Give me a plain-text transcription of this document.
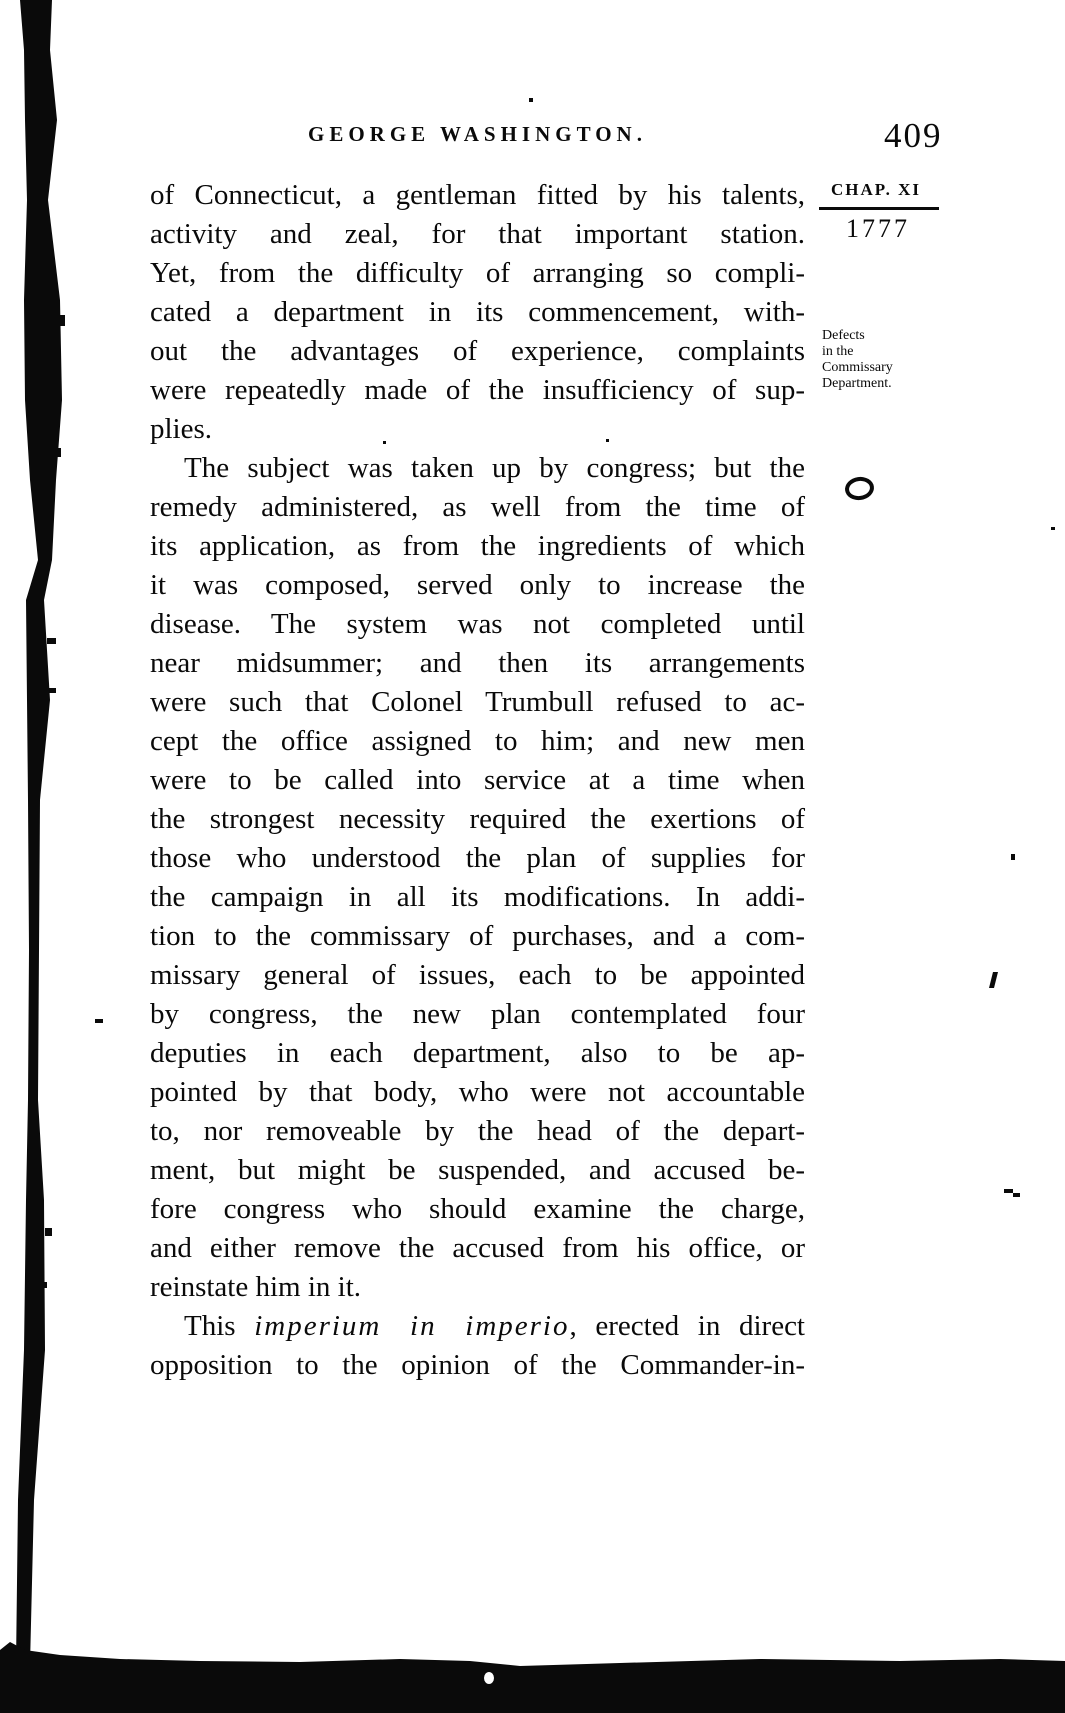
GEORGE WASHINGTON.	409
CHAP. XI
1777
Defects
in the
Commissary
Department.
of Connecticut, a gentleman fitted by his talents,
activity and zeal, for that important station.
Yet, from the difficulty of arranging so compli-
cated a department in its commencement, with-
out the advantages of experience, complaints
were repeatedly made of the insufficiency of sup-
plies.
The subject was taken up by congress; but the
remedy administered, as well from the time of
its application, as from the ingredients of which
it was composed, served only to increase the
disease. The system was not completed until
near midsummer; and then its arrangements
were such that Colonel Trumbull refused to ac-
cept the office assigned to him; and new men
were to be called into service at a time when
the strongest necessity required the exertions of
those who understood the plan of supplies for
the campaign in all its modifications. In addi-
tion to the commissary of purchases, and a com-
missary general of issues, each to be appointed
by congress, the new plan contemplated four
deputies in each department, also to be ap-
pointed by that body, who were not accountable
to, nor removeable by the head of the depart-
ment, but might be suspended, and accused be-
fore congress who should examine the charge,
and either remove the accused from his office, or
reinstate him in it.
This imperium in imperio, erected in direct
opposition to the opinion of the Commander-in-
